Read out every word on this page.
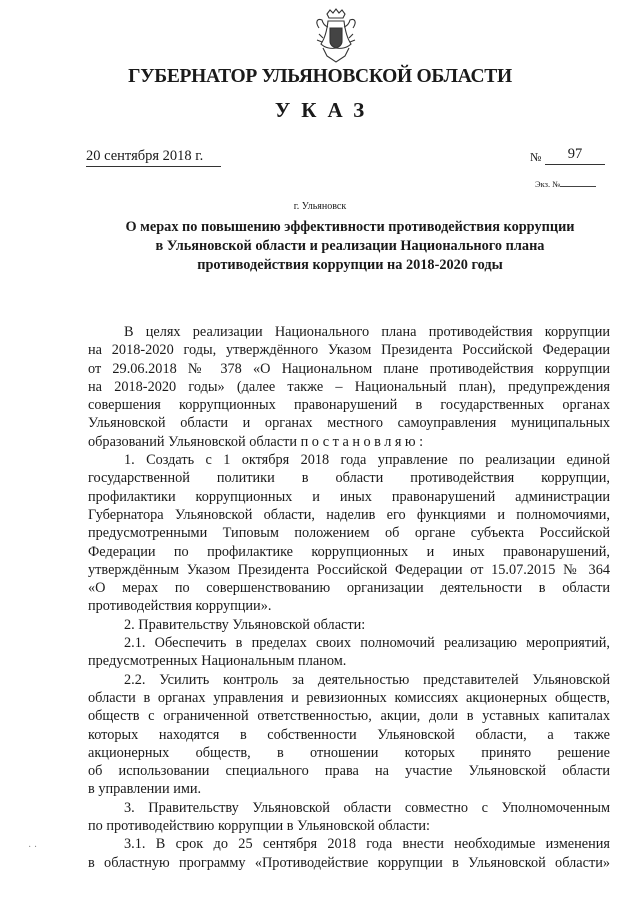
ГУБЕРНАТОР УЛЬЯНОВСКОЙ ОБЛАСТИ
УКАЗ
20 сентября 2018 г.	№	97
Экз. №
г. Ульяновск
О мерах по повышению эффективности противодействия коррупции
в Ульяновской области и реализации Национального плана
противодействия коррупции на 2018-2020 годы
В целях реализации Национального плана противодействия коррупции
на 2018-2020 годы, утверждённого Указом Президента Российской Федерации
от 29.06.2018 № 378 «О Национальном плане противодействия коррупции
на 2018-2020 годы» (далее также – Национальный план), предупреждения
совершения коррупционных правонарушений в государственных органах
Ульяновской области и органах местного самоуправления муниципальных
образований Ульяновской области постановляю:
1. Создать с 1 октября 2018 года управление по реализации единой
государственной политики в области противодействия коррупции,
профилактики коррупционных и иных правонарушений администрации
Губернатора Ульяновской области, наделив его функциями и полномочиями,
предусмотренными Типовым положением об органе субъекта Российской
Федерации по профилактике коррупционных и иных правонарушений,
утверждённым Указом Президента Российской Федерации от 15.07.2015 № 364
«О мерах по совершенствованию организации деятельности в области
противодействия коррупции».
2. Правительству Ульяновской области:
2.1. Обеспечить в пределах своих полномочий реализацию мероприятий,
предусмотренных Национальным планом.
2.2. Усилить контроль за деятельностью представителей Ульяновской
области в органах управления и ревизионных комиссиях акционерных обществ,
обществ с ограниченной ответственностью, акции, доли в уставных капиталах
которых находятся в собственности Ульяновской области, а также
акционерных обществ, в отношении которых принято решение
об использовании специального права на участие Ульяновской области
в управлении ими.
3. Правительству Ульяновской области совместно с Уполномоченным
по противодействию коррупции в Ульяновской области:
3.1. В срок до 25 сентября 2018 года внести необходимые изменения
в областную программу «Противодействие коррупции в Ульяновской области»
· ·
